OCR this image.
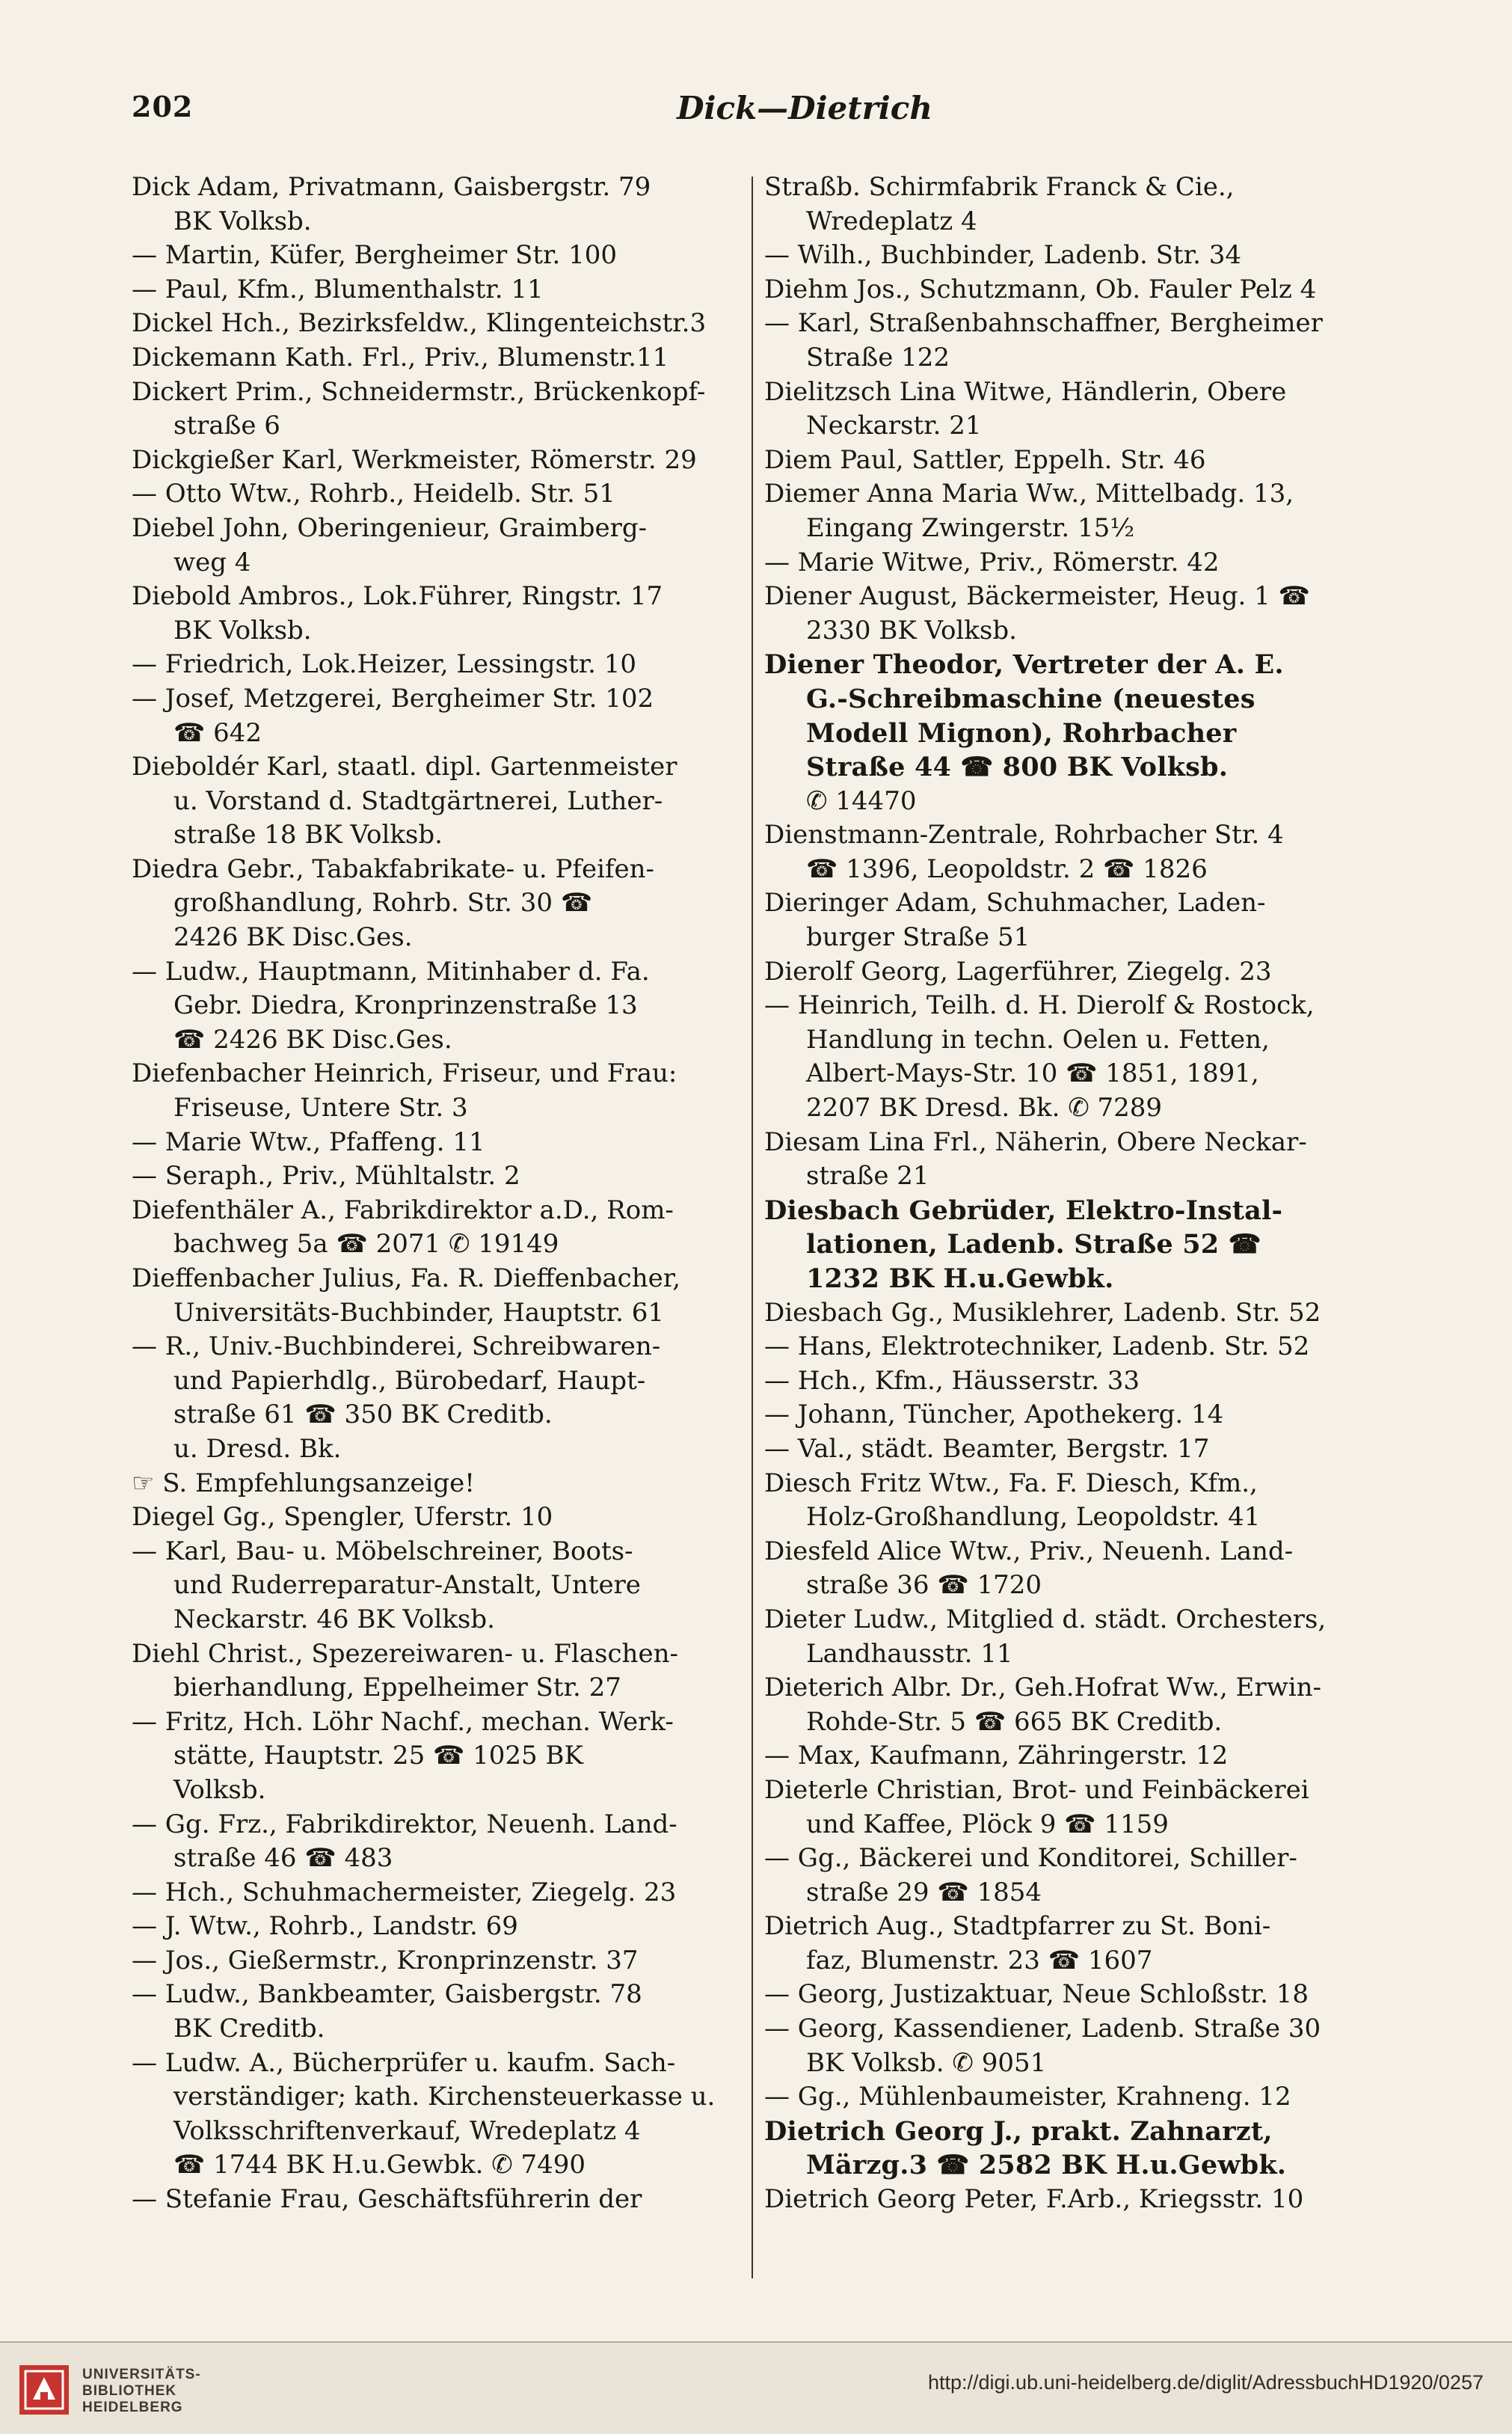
202	Dick—Dietrich
Dick Adam, Privatmann, Gaisbergstr. 79
BK Volksb.
— Martin, Küfer, Bergheimer Str. 100
— Paul, Kfm., Blumenthalstr. 11
Dickel Hch., Bezirksfeldw., Klingenteichstr.3
Dickemann Kath. Frl., Priv., Blumenstr.11
Dickert Prim., Schneidermstr., Brückenkopf-
straße 6
Dickgießer Karl, Werkmeister, Römerstr. 29
— Otto Wtw., Rohrb., Heidelb. Str. 51
Diebel John, Oberingenieur, Graimberg-
weg 4
Diebold Ambros., Lok.Führer, Ringstr. 17
BK Volksb.
— Friedrich, Lok.Heizer, Lessingstr. 10
— Josef, Metzgerei, Bergheimer Str. 102
☎ 642
Dieboldér Karl, staatl. dipl. Gartenmeister
u. Vorstand d. Stadtgärtnerei, Luther-
straße 18 BK Volksb.
Diedra Gebr., Tabakfabrikate- u. Pfeifen-
großhandlung, Rohrb. Str. 30 ☎
2426 BK Disc.Ges.
— Ludw., Hauptmann, Mitinhaber d. Fa.
Gebr. Diedra, Kronprinzenstraße 13
☎ 2426 BK Disc.Ges.
Diefenbacher Heinrich, Friseur, und Frau:
Friseuse, Untere Str. 3
— Marie Wtw., Pfaffeng. 11
— Seraph., Priv., Mühltalstr. 2
Diefenthäler A., Fabrikdirektor a.D., Rom-
bachweg 5a ☎ 2071 ✆ 19149
Dieffenbacher Julius, Fa. R. Dieffenbacher,
Universitäts-Buchbinder, Hauptstr. 61
— R., Univ.-Buchbinderei, Schreibwaren-
und Papierhdlg., Bürobedarf, Haupt-
straße 61 ☎ 350 BK Creditb.
u. Dresd. Bk.
☞ S. Empfehlungsanzeige!
Diegel Gg., Spengler, Uferstr. 10
— Karl, Bau- u. Möbelschreiner, Boots-
und Ruderreparatur-Anstalt, Untere
Neckarstr. 46 BK Volksb.
Diehl Christ., Spezereiwaren- u. Flaschen-
bierhandlung, Eppelheimer Str. 27
— Fritz, Hch. Löhr Nachf., mechan. Werk-
stätte, Hauptstr. 25 ☎ 1025 BK
Volksb.
— Gg. Frz., Fabrikdirektor, Neuenh. Land-
straße 46 ☎ 483
— Hch., Schuhmachermeister, Ziegelg. 23
— J. Wtw., Rohrb., Landstr. 69
— Jos., Gießermstr., Kronprinzenstr. 37
— Ludw., Bankbeamter, Gaisbergstr. 78
BK Creditb.
— Ludw. A., Bücherprüfer u. kaufm. Sach-
verständiger; kath. Kirchensteuerkasse u.
Volksschriftenverkauf, Wredeplatz 4
☎ 1744 BK H.u.Gewbk. ✆ 7490
— Stefanie Frau, Geschäftsführerin der
Straßb. Schirmfabrik Franck & Cie.,
Wredeplatz 4
— Wilh., Buchbinder, Ladenb. Str. 34
Diehm Jos., Schutzmann, Ob. Fauler Pelz 4
— Karl, Straßenbahnschaffner, Bergheimer
Straße 122
Dielitzsch Lina Witwe, Händlerin, Obere
Neckarstr. 21
Diem Paul, Sattler, Eppelh. Str. 46
Diemer Anna Maria Ww., Mittelbadg. 13,
Eingang Zwingerstr. 15½
— Marie Witwe, Priv., Römerstr. 42
Diener August, Bäckermeister, Heug. 1 ☎
2330 BK Volksb.
Diener Theodor, Vertreter der A. E.
G.-Schreibmaschine (neuestes
Modell Mignon), Rohrbacher
Straße 44 ☎ 800 BK Volksb.
✆ 14470
Dienstmann-Zentrale, Rohrbacher Str. 4
☎ 1396, Leopoldstr. 2 ☎ 1826
Dieringer Adam, Schuhmacher, Laden-
burger Straße 51
Dierolf Georg, Lagerführer, Ziegelg. 23
— Heinrich, Teilh. d. H. Dierolf & Rostock,
Handlung in techn. Oelen u. Fetten,
Albert-Mays-Str. 10 ☎ 1851, 1891,
2207 BK Dresd. Bk. ✆ 7289
Diesam Lina Frl., Näherin, Obere Neckar-
straße 21
Diesbach Gebrüder, Elektro-Instal-
lationen, Ladenb. Straße 52 ☎
1232 BK H.u.Gewbk.
Diesbach Gg., Musiklehrer, Ladenb. Str. 52
— Hans, Elektrotechniker, Ladenb. Str. 52
— Hch., Kfm., Häusserstr. 33
— Johann, Tüncher, Apothekerg. 14
— Val., städt. Beamter, Bergstr. 17
Diesch Fritz Wtw., Fa. F. Diesch, Kfm.,
Holz-Großhandlung, Leopoldstr. 41
Diesfeld Alice Wtw., Priv., Neuenh. Land-
straße 36 ☎ 1720
Dieter Ludw., Mitglied d. städt. Orchesters,
Landhausstr. 11
Dieterich Albr. Dr., Geh.Hofrat Ww., Erwin-
Rohde-Str. 5 ☎ 665 BK Creditb.
— Max, Kaufmann, Zähringerstr. 12
Dieterle Christian, Brot- und Feinbäckerei
und Kaffee, Plöck 9 ☎ 1159
— Gg., Bäckerei und Konditorei, Schiller-
straße 29 ☎ 1854
Dietrich Aug., Stadtpfarrer zu St. Boni-
faz, Blumenstr. 23 ☎ 1607
— Georg, Justizaktuar, Neue Schloßstr. 18
— Georg, Kassendiener, Ladenb. Straße 30
BK Volksb. ✆ 9051
— Gg., Mühlenbaumeister, Krahneng. 12
Dietrich Georg J., prakt. Zahnarzt,
Märzg.3 ☎ 2582 BK H.u.Gewbk.
Dietrich Georg Peter, F.Arb., Kriegsstr. 10
UNIVERSITÄTS-
BIBLIOTHEK
HEIDELBERG
http://digi.ub.uni-heidelberg.de/diglit/AdressbuchHD1920/0257
